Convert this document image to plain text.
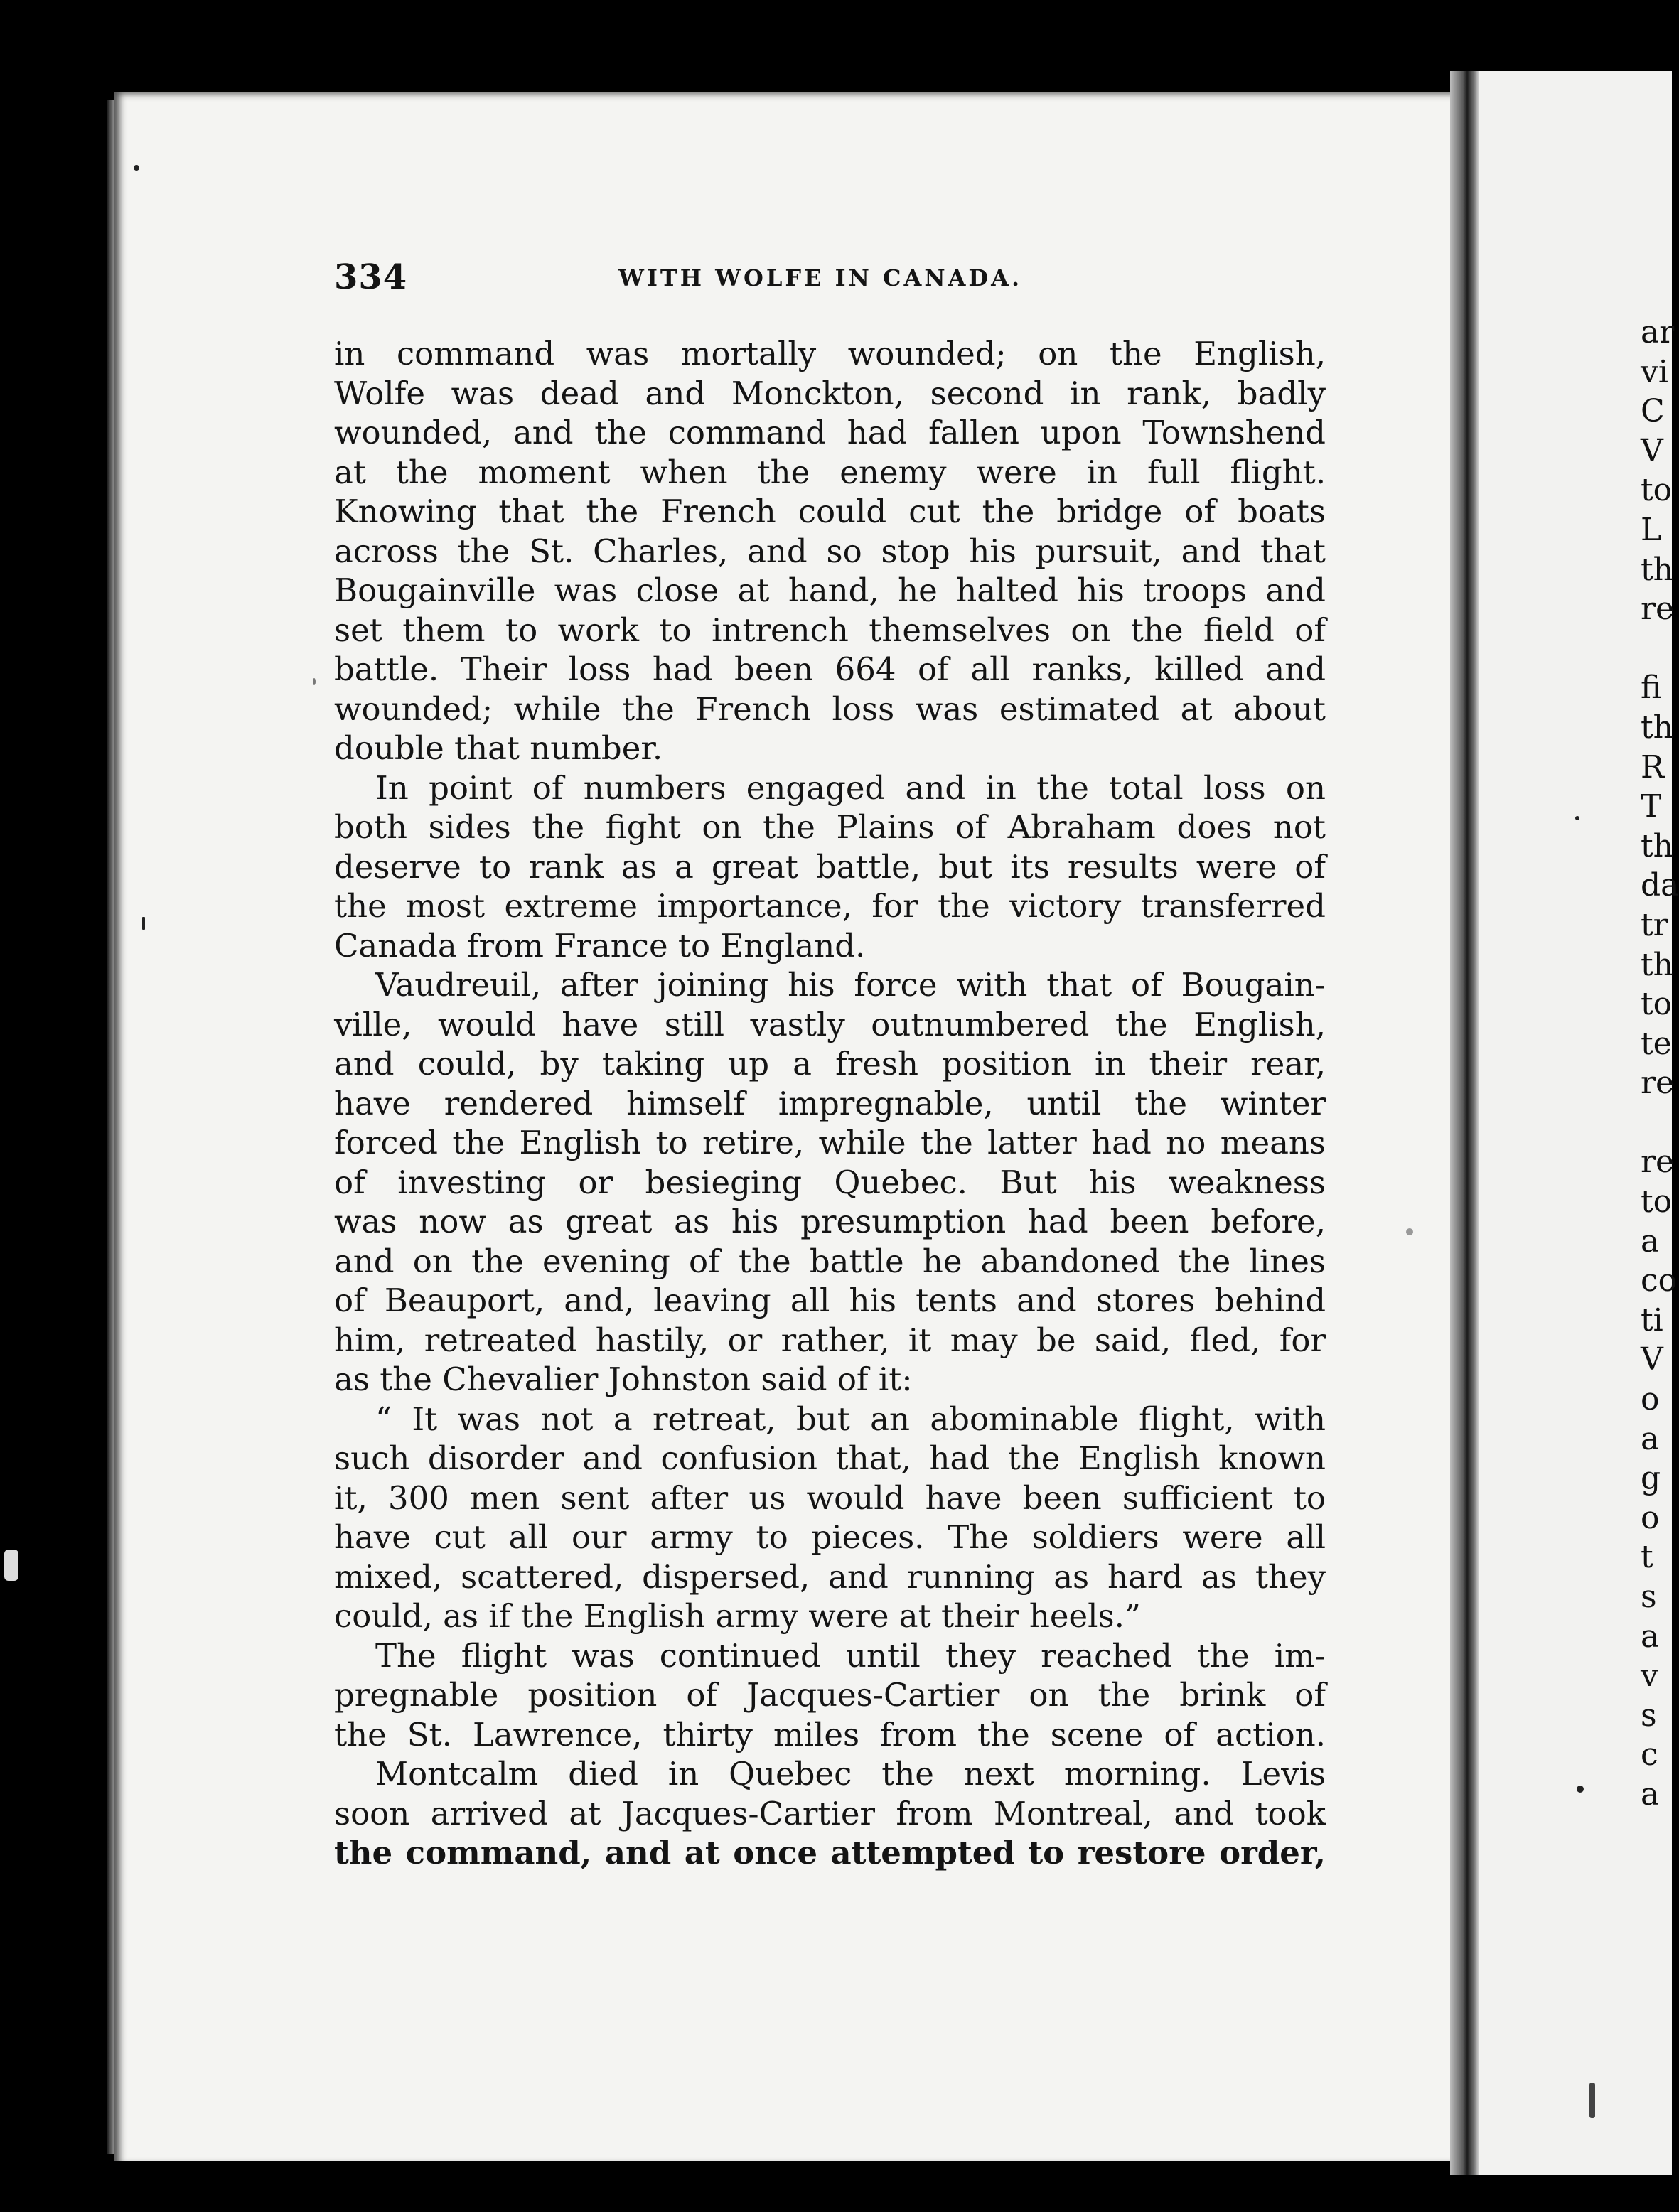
ar
vi
C
V
to
L
th
re
fi
th
R
T
th
da
tr
th
to
te
re
re
to
a
co
ti
V
o
a
g
o
t
s
a
v
s
c
a
334	WITH WOLFE IN CANADA.
in command was mortally wounded; on the English,
Wolfe was dead and Monckton, second in rank, badly
wounded, and the command had fallen upon Townshend
at the moment when the enemy were in full flight.
Knowing that the French could cut the bridge of boats
across the St. Charles, and so stop his pursuit, and that
Bougainville was close at hand, he halted his troops and
set them to work to intrench themselves on the field of
battle. Their loss had been 664 of all ranks, killed and
wounded; while the French loss was estimated at about
double that number.
In point of numbers engaged and in the total loss on
both sides the fight on the Plains of Abraham does not
deserve to rank as a great battle, but its results were of
the most extreme importance, for the victory transferred
Canada from France to England.
Vaudreuil, after joining his force with that of Bougain-
ville, would have still vastly outnumbered the English,
and could, by taking up a fresh position in their rear,
have rendered himself impregnable, until the winter
forced the English to retire, while the latter had no means
of investing or besieging Quebec. But his weakness
was now as great as his presumption had been before,
and on the evening of the battle he abandoned the lines
of Beauport, and, leaving all his tents and stores behind
him, retreated hastily, or rather, it may be said, fled, for
as the Chevalier Johnston said of it:
“ It was not a retreat, but an abominable flight, with
such disorder and confusion that, had the English known
it, 300 men sent after us would have been sufficient to
have cut all our army to pieces. The soldiers were all
mixed, scattered, dispersed, and running as hard as they
could, as if the English army were at their heels.”
The flight was continued until they reached the im-
pregnable position of Jacques-Cartier on the brink of
the St. Lawrence, thirty miles from the scene of action.
Montcalm died in Quebec the next morning. Levis
soon arrived at Jacques-Cartier from Montreal, and took
the command, and at once attempted to restore order,
